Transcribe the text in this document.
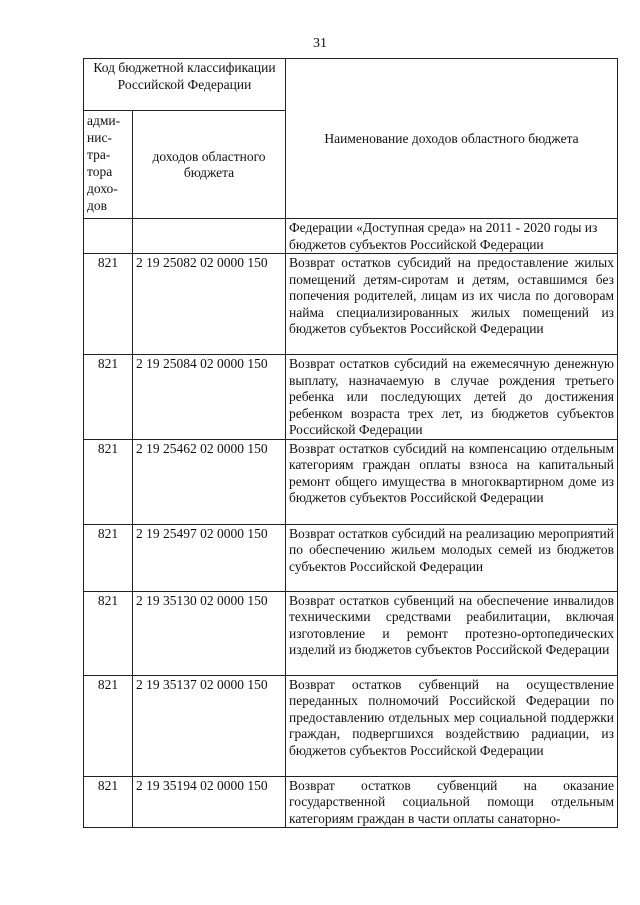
31
Код бюджетной классификации Российской Федерации		Наименование доходов областного бюджета
адми-нис-тра-тора дохо-дов	доходов областного бюджета	
		Федерации «Доступная среда» на 2011 - 2020 годы из бюджетов субъектов Российской Федерации
821	2 19 25082 02 0000 150	Возврат остатков субсидий на предоставление жилых помещений детям-сиротам и детям, оставшимся без попечения родителей, лицам из их числа по договорам найма специализированных жилых помещений из бюджетов субъектов Российской Федерации
821	2 19 25084 02 0000 150	Возврат остатков субсидий на ежемесячную денежную выплату, назначаемую в случае рождения третьего ребенка или последующих детей до достижения ребенком возраста трех лет, из бюджетов субъектов Российской Федерации
821	2 19 25462 02 0000 150	Возврат остатков субсидий на компенсацию отдельным категориям граждан оплаты взноса на капитальный ремонт общего имущества в многоквартирном доме из бюджетов субъектов Российской Федерации
821	2 19 25497 02 0000 150	Возврат остатков субсидий на реализацию мероприятий по обеспечению жильем молодых семей из бюджетов субъектов Российской Федерации
821	2 19 35130 02 0000 150	Возврат остатков субвенций на обеспечение инвалидов техническими средствами реабилитации, включая изготовление и ремонт протезно-ортопедических изделий из бюджетов субъектов Российской Федерации
821	2 19 35137 02 0000 150	Возврат остатков субвенций на осуществление переданных полномочий Российской Федерации по предоставлению отдельных мер социальной поддержки граждан, подвергшихся воздействию радиации, из бюджетов субъектов Российской Федерации
821	2 19 35194 02 0000 150	Возврат остатков субвенций на оказание государственной социальной помощи отдельным категориям граждан в части оплаты санаторно-
